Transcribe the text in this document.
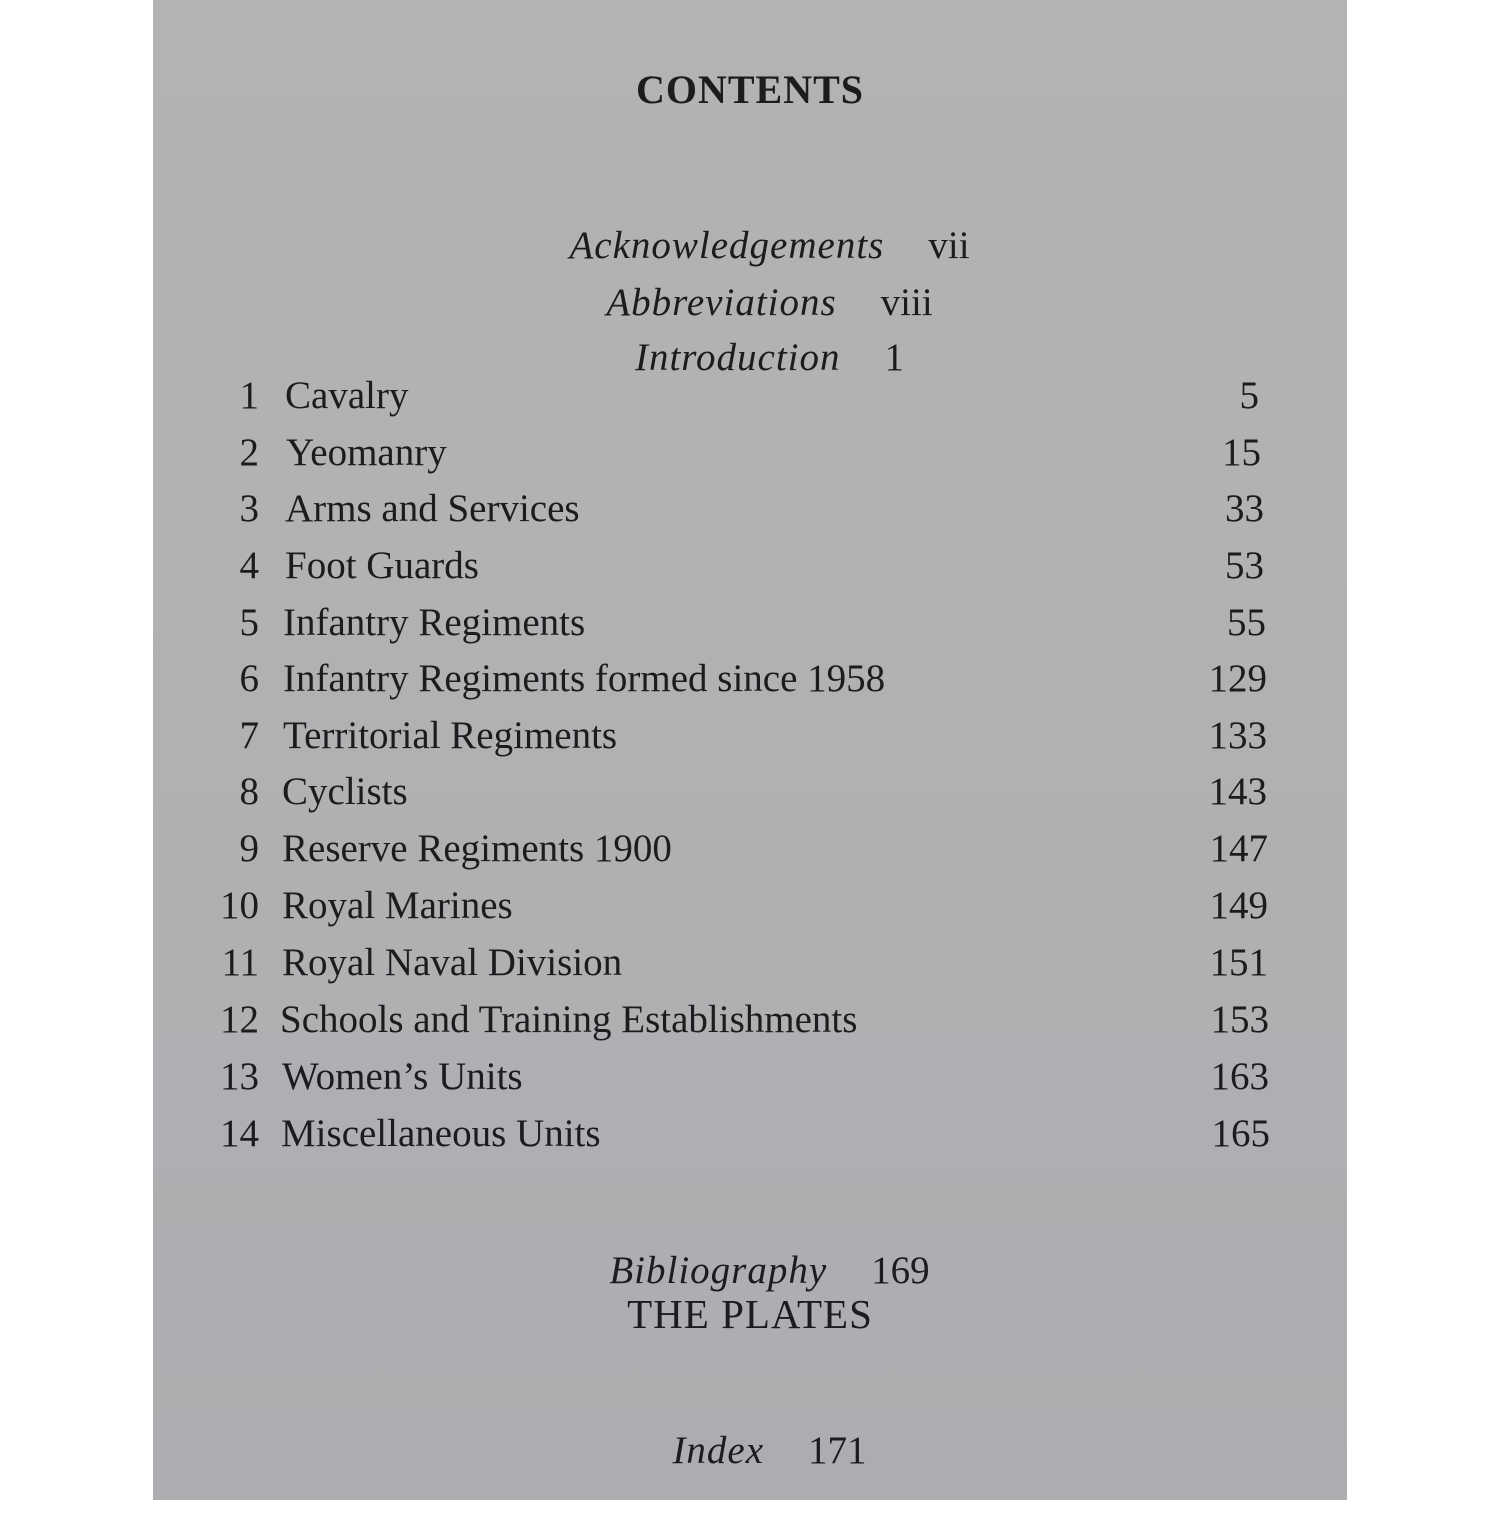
CONTENTS

Acknowledgements vii

Abbreviations viii

Introduction 1

1 Cavalry	5
2 Yeomanry	15
3 Arms and Services	33
4 Foot Guards	53
5 Infantry Regiments	55
6 Infantry Regiments formed since 1958	129
7 Territorial Regiments	133
8 Cyclists	143
9 Reserve Regiments 1900	147
10 Royal Marines	149
11 Royal Naval Division	151
12 Schools and Training Establishments	153
13 Women’s Units	163
14 Miscellaneous Units	165

Bibliography 169

THE PLATES

Index 171
